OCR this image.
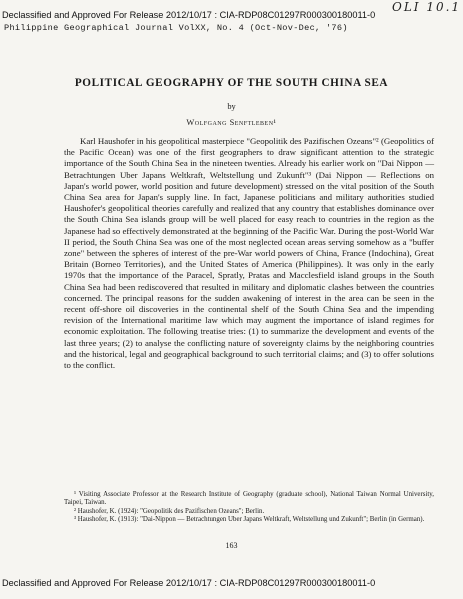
Declassified and Approved For Release 2012/10/17 : CIA-RDP08C01297R000300180011-0
OLI 10.1
Philippine Geographical Journal VolXX, No. 4 (Oct-Nov-Dec, '76)
POLITICAL GEOGRAPHY OF THE SOUTH CHINA SEA
by
Wolfgang Senftleben¹

Karl Haushofer in his geopolitical masterpiece "Geopolitik des Pazifischen Ozeans"² (Geopolitics of the Pacific Ocean) was one of the first geographers to draw significant attention to the strategic importance of the South China Sea in the nineteen twenties. Already his earlier work on "Dai Nippon — Betrachtungen Uber Japans Weltkraft, Weltstellung und Zukunft"³ (Dai Nippon — Reflections on Japan's world power, world position and future development) stressed on the vital position of the South China Sea area for Japan's supply line. In fact, Japanese politicians and military authorities studied Haushofer's geopolitical theories carefully and realized that any country that establishes dominance over the South China Sea islands group will be well placed for easy reach to countries in the region as the Japanese had so effectively demonstrated at the beginning of the Pacific War. During the post-World War II period, the South China Sea was one of the most neglected ocean areas serving somehow as a "buffer zone" between the spheres of interest of the pre-War world powers of China, France (Indochina), Great Britain (Borneo Territories), and the United States of America (Philippines). It was only in the early 1970s that the importance of the Paracel, Spratly, Pratas and Macclesfield island groups in the South China Sea had been rediscovered that resulted in military and diplomatic clashes between the countries concerned. The principal reasons for the sudden awakening of interest in the area can be seen in the recent off-shore oil discoveries in the continental shelf of the South China Sea and the impending revision of the International maritime law which may augment the importance of island regimes for economic exploitation. The following treatise tries: (1) to summarize the development and events of the last three years; (2) to analyse the conflicting nature of sovereignty claims by the neighboring countries and the historical, legal and geographical background to such territorial claims; and (3) to offer solutions to the conflict.

¹ Visiting Associate Professor at the Research Institute of Geography (graduate school), National Taiwan Normal University, Taipei, Taiwan.

² Haushofer, K. (1924): "Geopolitik des Pazifischen Ozeans"; Berlin.

³ Haushofer, K. (1913): "Dai-Nippon — Betrachtungen Uber Japans Weltkraft, Weltstellung und Zukunft"; Berlin (in German).

163
Declassified and Approved For Release 2012/10/17 : CIA-RDP08C01297R000300180011-0
